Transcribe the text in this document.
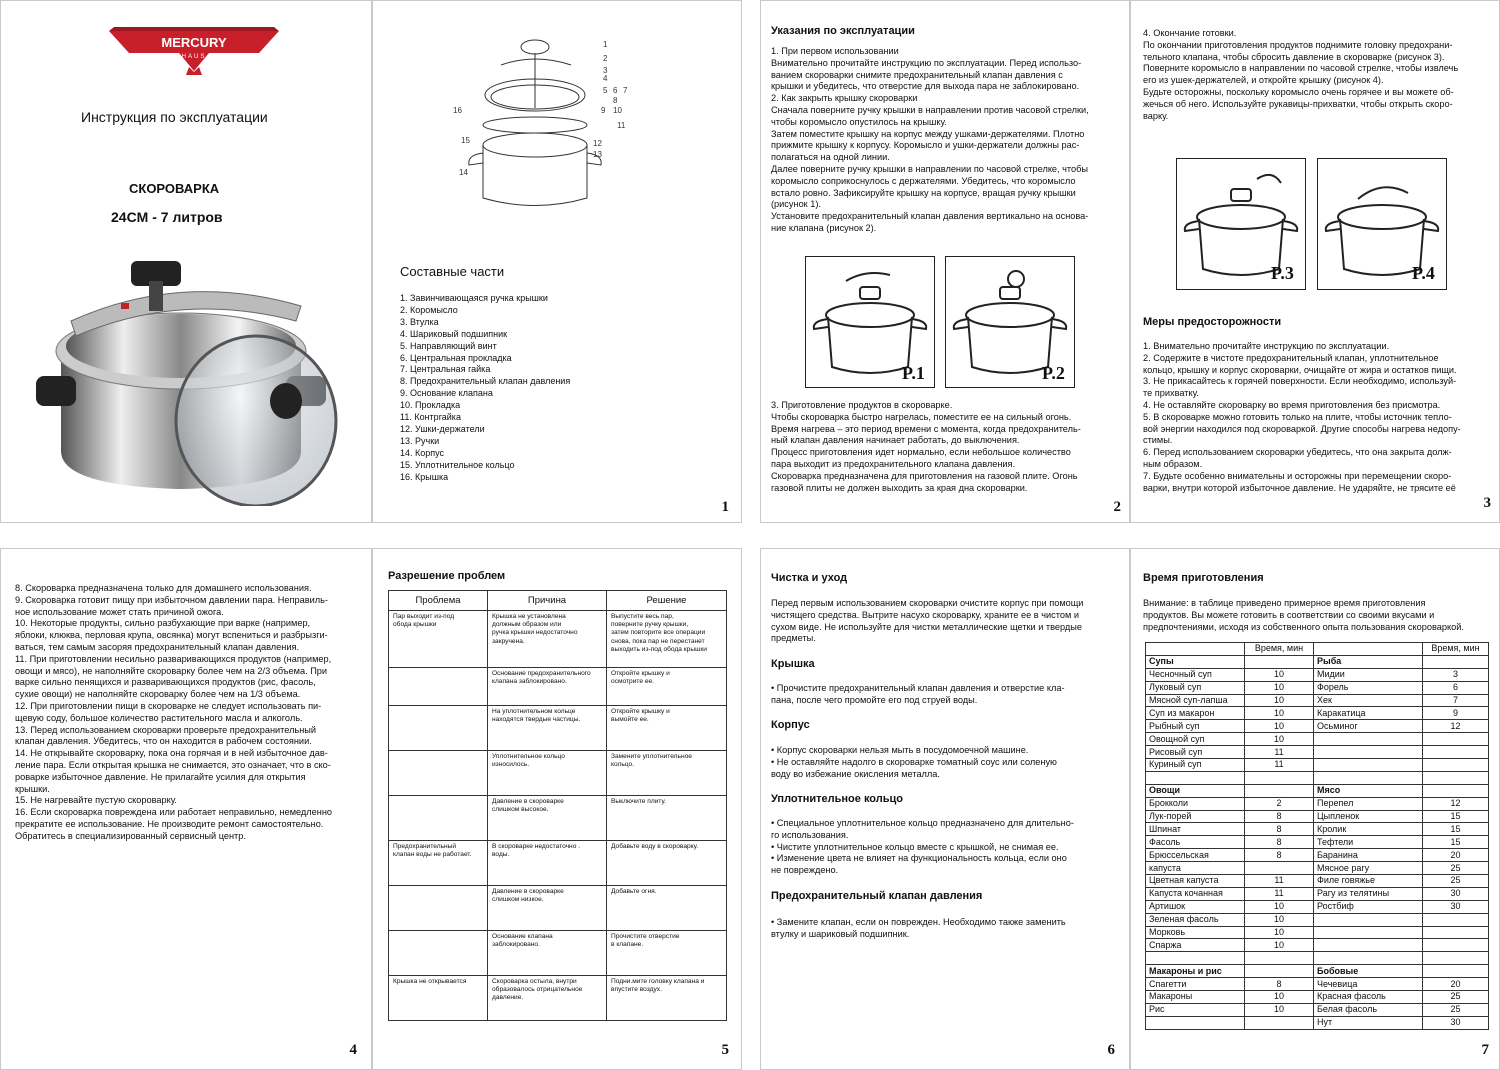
MERCURY
HAUS
Инструкция по эксплуатации
СКОРОВАРКА
24CM - 7 литров
1
2
3
4
5 6 7
8
9 10
11
12
13
14
15
16
Составные части
1. Завинчивающаяся ручка крышки
2. Коромысло
3. Втулка
4. Шариковый подшипник
5. Направляющий винт
6. Центральная прокладка
7. Центральная гайка
8. Предохранительный клапан давления
9. Основание клапана
10. Прокладка
11. Контргайка
12. Ушки-держатели
13. Ручки
14. Корпус
15. Уплотнительное кольцо
16. Крышка
1
Указания по эксплуатации

1. При первом использовании

Внимательно прочитайте инструкцию по эксплуатации. Перед использо-

ванием скороварки снимите предохранительный клапан давления с

крышки и убедитесь, что отверстие для выхода пара не заблокировано.

2. Как закрыть крышку скороварки

Сначала поверните ручку крышки в направлении против часовой стрелки,

чтобы коромысло опустилось на крышку.

Затем поместите крышку на корпус между ушками-держателями. Плотно

прижмите крышку к корпусу. Коромысло и ушки-держатели должны рас-

полагаться на одной линии.

Далее поверните ручку крышки в направлении по часовой стрелке, чтобы

коромысло соприкоснулось с держателями. Убедитесь, что коромысло

встало ровно. Зафиксируйте крышку на корпусе, вращая ручку крышки

(рисунок 1).

Установите предохранительный клапан давления вертикально на основа-

ние клапана (рисунок 2).

P.1	P.2

3. Приготовление продуктов в скороварке.

Чтобы скороварка быстро нагрелась, поместите ее на сильный огонь.

Время нагрева – это период времени с момента, когда предохранитель-

ный клапан давления начинает работать, до выключения.

Процесс приготовления идет нормально, если небольшое количество

пара выходит из предохранительного клапана давления.

Скороварка предназначена для приготовления на газовой плите. Огонь

газовой плиты не должен выходить за края дна скороварки.

2

4. Окончание готовки.

По окончании приготовления продуктов поднимите головку предохрани-

тельного клапана, чтобы сбросить давление в скороварке (рисунок 3).

Поверните коромысло в направлении по часовой стрелке, чтобы извлечь

его из ушек-держателей, и откройте крышку (рисунок 4).

Будьте осторожны, поскольку коромысло очень горячее и вы можете об-

жечься об него. Используйте рукавицы-прихватки, чтобы открыть скоро-

варку.

P.3	P.4
Меры предосторожности

1. Внимательно прочитайте инструкцию по эксплуатации.

2. Содержите в чистоте предохранительный клапан, уплотнительное

кольцо, крышку и корпус скороварки, очищайте от жира и остатков пищи.

3. Не прикасайтесь к горячей поверхности. Если необходимо, используй-

те прихватку.

4. Не оставляйте скороварку во время приготовления без присмотра.

5. В скороварке можно готовить только на плите, чтобы источник тепло-

вой энергии находился под скороваркой. Другие способы нагрева недопу-

стимы.

6. Перед использованием скороварки убедитесь, что она закрыта долж-

ным образом.

7. Будьте особенно внимательны и осторожны при перемещении скоро-

варки, внутри которой избыточное давление. Не ударяйте, не трясите её

3

8. Скороварка предназначена только для домашнего использования.

9. Скороварка готовит пищу при избыточном давлении пара. Неправиль-

ное использование может стать причиной ожога.

10. Некоторые продукты, сильно разбухающие при варке (например,

яблоки, клюква, перловая крупа, овсянка) могут вспениться и разбрызги-

ваться, тем самым засоряя предохранительный клапан давления.

11. При приготовлении несильно разваривающихся продуктов (например,

овощи и мясо), не наполняйте скороварку более чем на 2/3 объема. При

варке сильно пенящихся и разваривающихся продуктов (рис, фасоль,

сухие овощи) не наполняйте скороварку более чем на 1/3 объема.

12. При приготовлении пищи в скороварке не следует использовать пи-

щевую соду, большое количество растительного масла и алкоголь.

13. Перед использованием скороварки проверьте предохранительный

клапан давления. Убедитесь, что он находится в рабочем состоянии.

14. Не открывайте скороварку, пока она горячая и в ней избыточное дав-

ление пара. Если открытая крышка не снимается, это означает, что в ско-

роварке избыточное давление. Не прилагайте усилия для открытия

крышки.

15. Не нагревайте пустую скороварку.

16. Если скороварка повреждена или работает неправильно, немедленно

прекратите ее использование. Не производите ремонт самостоятельно.

Обратитесь в специализированный сервисный центр.

4
Разрешение проблем
Проблема	Причина	Решение
Пар выходит из-под
обода крышки	Крышка не установлена
должным образом или
ручка крышки недостаточно
закручена.	Выпустите весь пар,
поверните ручку крышки,
затем повторите все операции
снова, пока пар не перестанет
выходить из-под обода крышки
	Основание предохранительного
клапана заблокировано.	Откройте крышку и
осмотрите ее.
	На уплотнительном кольце
находятся твердые частицы.	Откройте крышку и
вымойте ее.
	Уплотнительное кольцо
износилось.	Замените уплотнительное
кольцо.
	Давление в скороварке
слишком высокое.	Выключите плиту.
Предохранительный
клапан воды не работает.	В скороварке недостаточно .
воды.	Добавьте воду в скороварку.
	Давление в скороварке
слишком низкое.	Добавьте огня.
	Основание клапана
заблокировано.	Прочистите отверстие
в клапане.
Крышка не открывается	Скороварка остыла, внутри
образовалось отрицательное
давление.	Подни.мите головку клапана и
впустите воздух.
5
Чистка и уход

Перед первым использованием скороварки очистите корпус при помощи

чистящего средства. Вытрите насухо скороварку, храните ее в чистом и

сухом виде. Не используйте для чистки металлические щетки и твердые

предметы.

Крышка

• Прочистите предохранительный клапан давления и отверстие кла-

пана, после чего промойте его под струей воды.

Корпус

• Корпус скороварки нельзя мыть в посудомоечной машине.

• Не оставляйте надолго в скороварке томатный соус или соленую

воду во избежание окисления металла.

Уплотнительное кольцо

• Специальное уплотнительное кольцо предназначено для длительно-

го использования.

• Чистите уплотнительное кольцо вместе с крышкой, не снимая ее.

• Изменение цвета не влияет на функциональность кольца, если оно

не повреждено.

Предохранительный клапан давления

• Замените клапан, если он поврежден. Необходимо также заменить

втулку и шариковый подшипник.

6
Время приготовления

Внимание: в таблице приведено примерное время приготовления

продуктов. Вы можете готовить в соответствии со своими вкусами и

предпочтениями, исходя из собственного опыта пользования скороваркой.

	Время, мин		Время, мин
Супы		Рыба	
Чесночный суп	10	Мидии	3
Луковый суп	10	Форель	6
Мясной суп-лапша	10	Хек	7
Суп из макарон	10	Каракатица	9
Рыбный суп	10	Осьминог	12
Овощной суп	10		
Рисовый суп	11		
Куриный суп	11		

Овощи		Мясо	
Брокколи	2	Перепел	12
Лук-порей	8	Цыпленок	15
Шпинат	8	Кролик	15
Фасоль	8	Тефтели	15
Брюссельская	8	Баранина	20
капуста		Мясное рагу	25
Цветная капуста	11	Филе говяжье	25
Капуста кочанная	11	Рагу из телятины	30
Артишок	10	Ростбиф	30
Зеленая фасоль	10		
Морковь	10		
Спаржа	10		

Макароны и рис		Бобовые	
Спагетти	8	Чечевица	20
Макароны	10	Красная фасоль	25
Рис	10	Белая фасоль	25
		Нут	30
7
